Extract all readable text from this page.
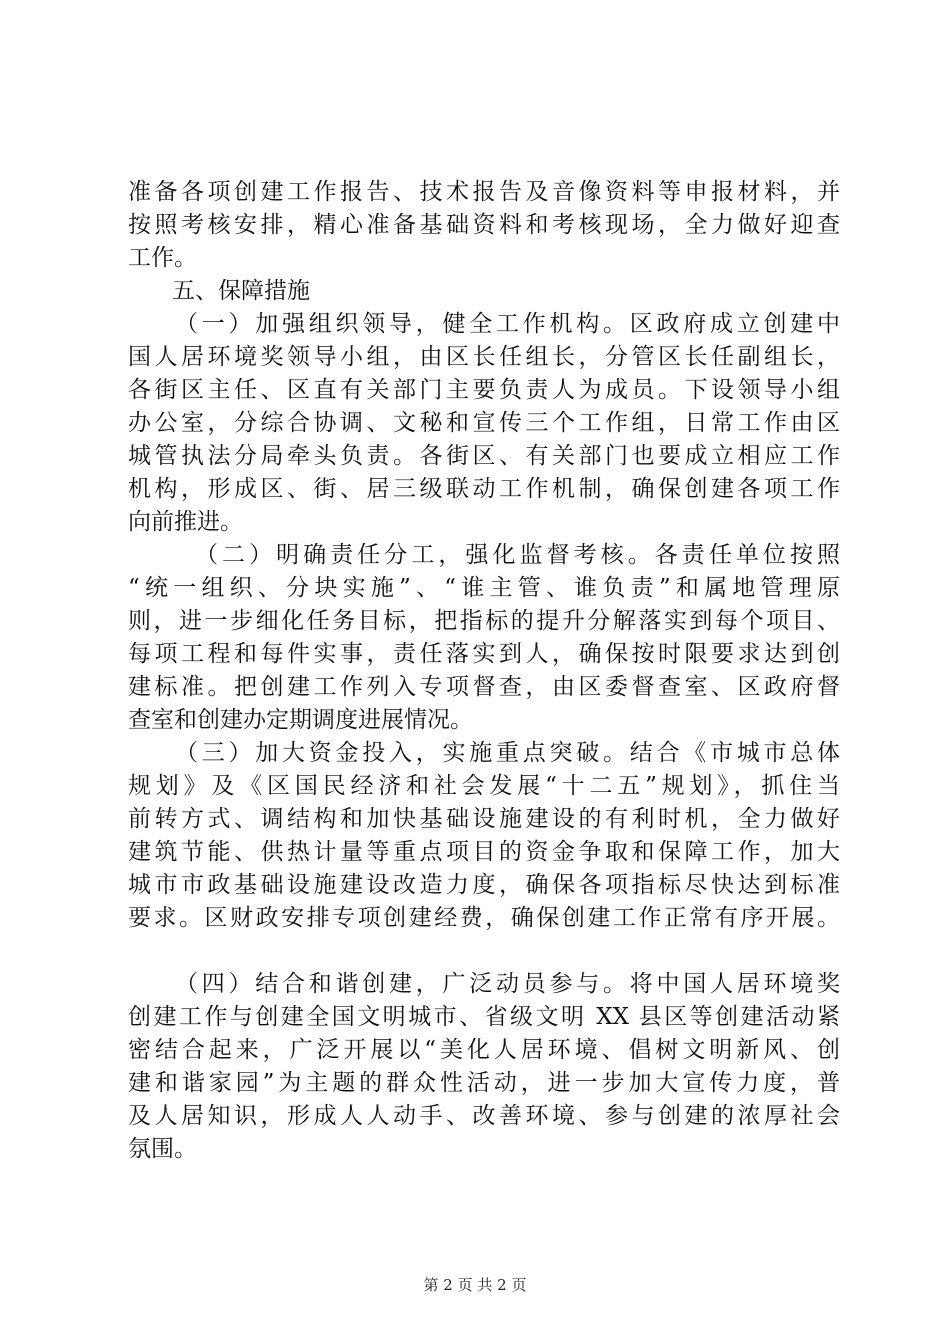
准备各项创建工作报告、技术报告及音像资料等申报材料，并
按照考核安排，精心准备基础资料和考核现场，全力做好迎查
工作。
五、保障措施
（一）加强组织领导，健全工作机构。区政府成立创建中
国人居环境奖领导小组，由区长任组长，分管区长任副组长，
各街区主任、区直有关部门主要负责人为成员。下设领导小组
办公室，分综合协调、文秘和宣传三个工作组，日常工作由区
城管执法分局牵头负责。各街区、有关部门也要成立相应工作
机构，形成区、街、居三级联动工作机制，确保创建各项工作
向前推进。
（二）明确责任分工，强化监督考核。各责任单位按照
“统一组织、分块实施”、“谁主管、谁负责”和属地管理原
则，进一步细化任务目标，把指标的提升分解落实到每个项目、
每项工程和每件实事，责任落实到人，确保按时限要求达到创
建标准。把创建工作列入专项督查，由区委督查室、区政府督
查室和创建办定期调度进展情况。
（三）加大资金投入，实施重点突破。结合《市城市总体
规划》及《区国民经济和社会发展“十二五”规划》，抓住当
前转方式、调结构和加快基础设施建设的有利时机，全力做好
建筑节能、供热计量等重点项目的资金争取和保障工作，加大
城市市政基础设施建设改造力度，确保各项指标尽快达到标准
要求。区财政安排专项创建经费，确保创建工作正常有序开展。
（四）结合和谐创建，广泛动员参与。将中国人居环境奖
创建工作与创建全国文明城市、省级文明 XX 县区等创建活动紧
密结合起来，广泛开展以“美化人居环境、倡树文明新风、创
建和谐家园”为主题的群众性活动，进一步加大宣传力度，普
及人居知识，形成人人动手、改善环境、参与创建的浓厚社会
氛围。
第 2 页 共 2 页
